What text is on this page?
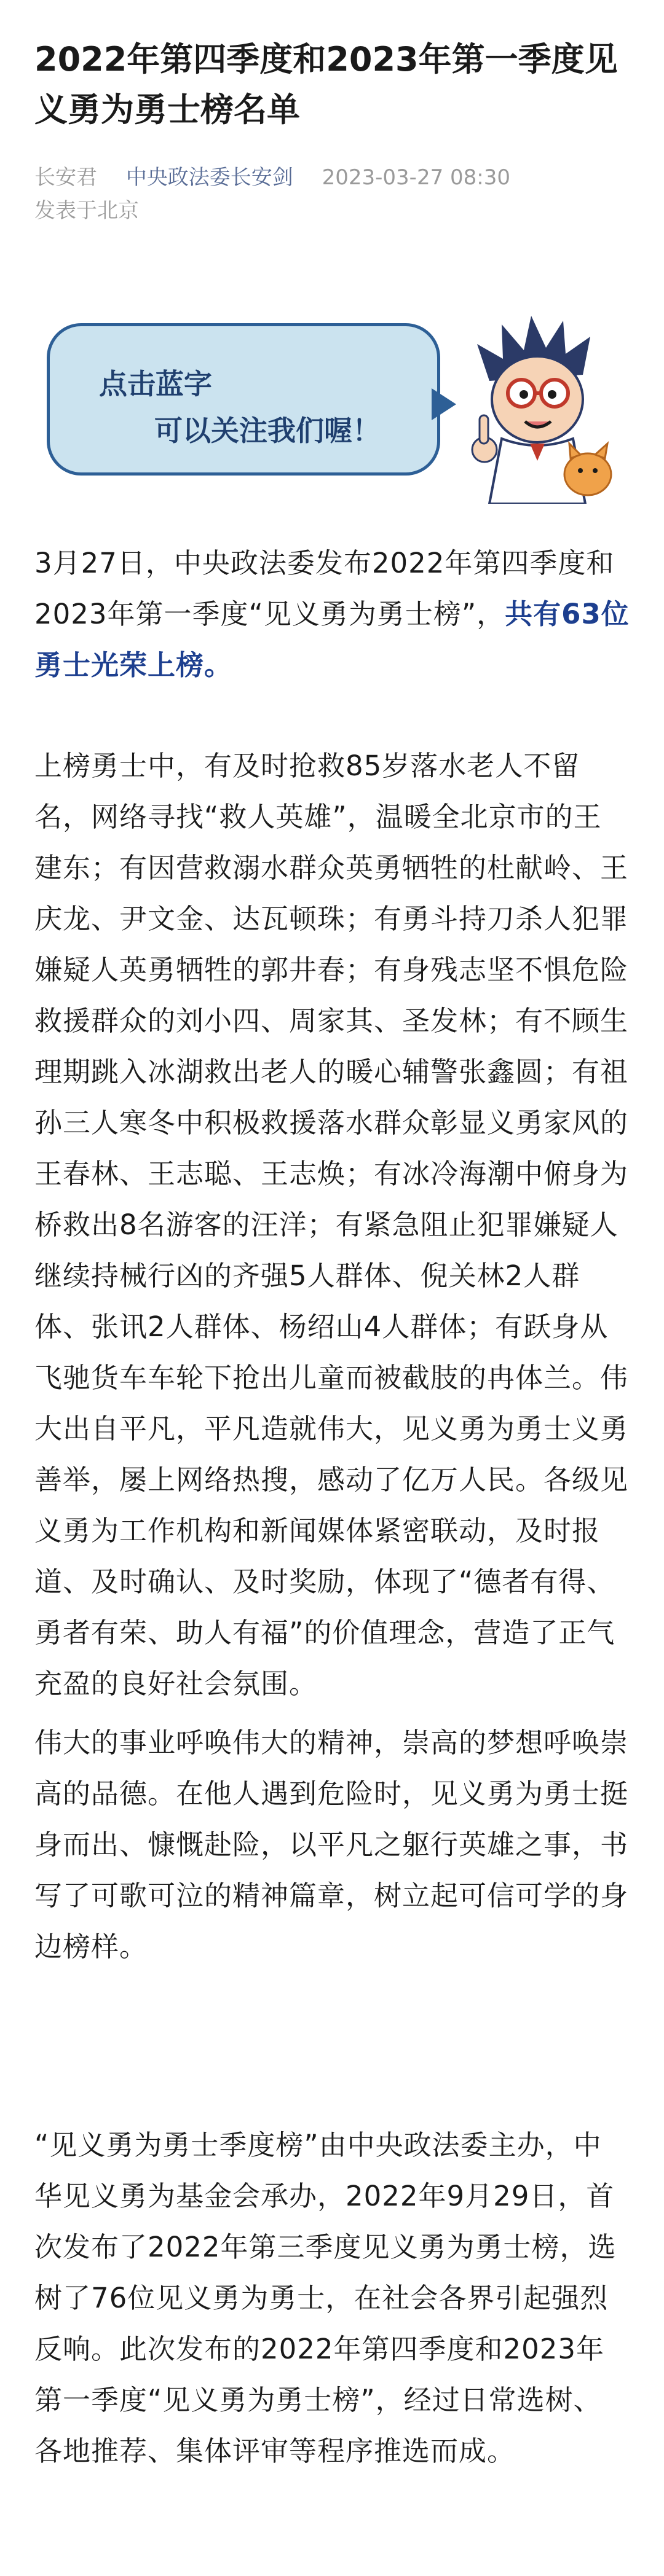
2022年第四季度和2023年第一季度见义勇为勇士榜名单
长安君 中央政法委长安剑 2023-03-27 08:30
发表于北京
点击蓝字
可以关注我们喔！

3月27日，中央政法委发布2022年第四季度和2023年第一季度“见义勇为勇士榜”，共有63位勇士光荣上榜。

上榜勇士中，有及时抢救85岁落水老人不留名，网络寻找“救人英雄”，温暖全北京市的王建东；有因营救溺水群众英勇牺牲的杜献岭、王庆龙、尹文金、达瓦顿珠；有勇斗持刀杀人犯罪嫌疑人英勇牺牲的郭井春；有身残志坚不惧危险救援群众的刘小四、周家其、圣发林；有不顾生理期跳入冰湖救出老人的暖心辅警张鑫圆；有祖孙三人寒冬中积极救援落水群众彰显义勇家风的王春林、王志聪、王志焕；有冰冷海潮中俯身为桥救出8名游客的汪洋；有紧急阻止犯罪嫌疑人继续持械行凶的齐强5人群体、倪关林2人群体、张讯2人群体、杨绍山4人群体；有跃身从飞驰货车车轮下抢出儿童而被截肢的冉体兰。伟大出自平凡，平凡造就伟大，见义勇为勇士义勇善举，屡上网络热搜，感动了亿万人民。各级见义勇为工作机构和新闻媒体紧密联动，及时报道、及时确认、及时奖励，体现了“德者有得、勇者有荣、助人有福”的价值理念，营造了正气充盈的良好社会氛围。

伟大的事业呼唤伟大的精神，崇高的梦想呼唤崇高的品德。在他人遇到危险时，见义勇为勇士挺身而出、慷慨赴险，以平凡之躯行英雄之事，书写了可歌可泣的精神篇章，树立起可信可学的身边榜样。

“见义勇为勇士季度榜”由中央政法委主办，中华见义勇为基金会承办，2022年9月29日，首次发布了2022年第三季度见义勇为勇士榜，选树了76位见义勇为勇士，在社会各界引起强烈反响。此次发布的2022年第四季度和2023年第一季度“见义勇为勇士榜”，经过日常选树、各地推荐、集体评审等程序推选而成。
